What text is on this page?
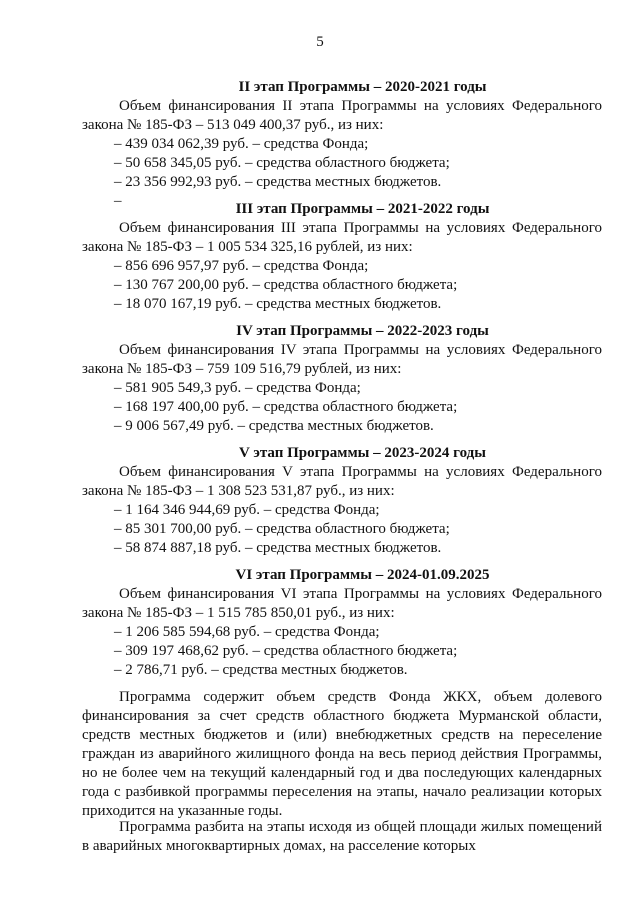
5
II этап Программы – 2020-2021 годы
Объем финансирования II этапа Программы на условиях Федерального закона № 185-ФЗ – 513 049 400,37 руб., из них:
– 439 034 062,39 руб. – средства Фонда;
– 50 658 345,05 руб. – средства областного бюджета;
– 23 356 992,93 руб. – средства местных бюджетов.
–	III этап Программы – 2021-2022 годы
Объем финансирования III этапа Программы на условиях Федерального закона № 185-ФЗ – 1 005 534 325,16 рублей, из них:
– 856 696 957,97 руб. – средства Фонда;
– 130 767 200,00 руб. – средства областного бюджета;
– 18 070 167,19 руб. – средства местных бюджетов.
IV этап Программы – 2022-2023 годы
Объем финансирования IV этапа Программы на условиях Федерального закона № 185-ФЗ – 759 109 516,79 рублей, из них:
– 581 905 549,3 руб. – средства Фонда;
– 168 197 400,00 руб. – средства областного бюджета;
– 9 006 567,49 руб. – средства местных бюджетов.
V этап Программы – 2023-2024 годы
Объем финансирования V этапа Программы на условиях Федерального закона № 185-ФЗ – 1 308 523 531,87 руб., из них:
– 1 164 346 944,69 руб. – средства Фонда;
– 85 301 700,00 руб. – средства областного бюджета;
– 58 874 887,18 руб. – средства местных бюджетов.
VI этап Программы – 2024-01.09.2025
Объем финансирования VI этапа Программы на условиях Федерального закона № 185-ФЗ – 1 515 785 850,01 руб., из них:
– 1 206 585 594,68 руб. – средства Фонда;
– 309 197 468,62 руб. – средства областного бюджета;
– 2 786,71 руб. – средства местных бюджетов.

Программа содержит объем средств Фонда ЖКХ, объем долевого финансирования за счет средств областного бюджета Мурманской области, средств местных бюджетов и (или) внебюджетных средств на переселение граждан из аварийного жилищного фонда на весь период действия Программы, но не более чем на текущий календарный год и два последующих календарных года с разбивкой программы переселения на этапы, начало реализации которых приходится на указанные годы.

Программа разбита на этапы исходя из общей площади жилых помещений в аварийных многоквартирных домах, на расселение которых
